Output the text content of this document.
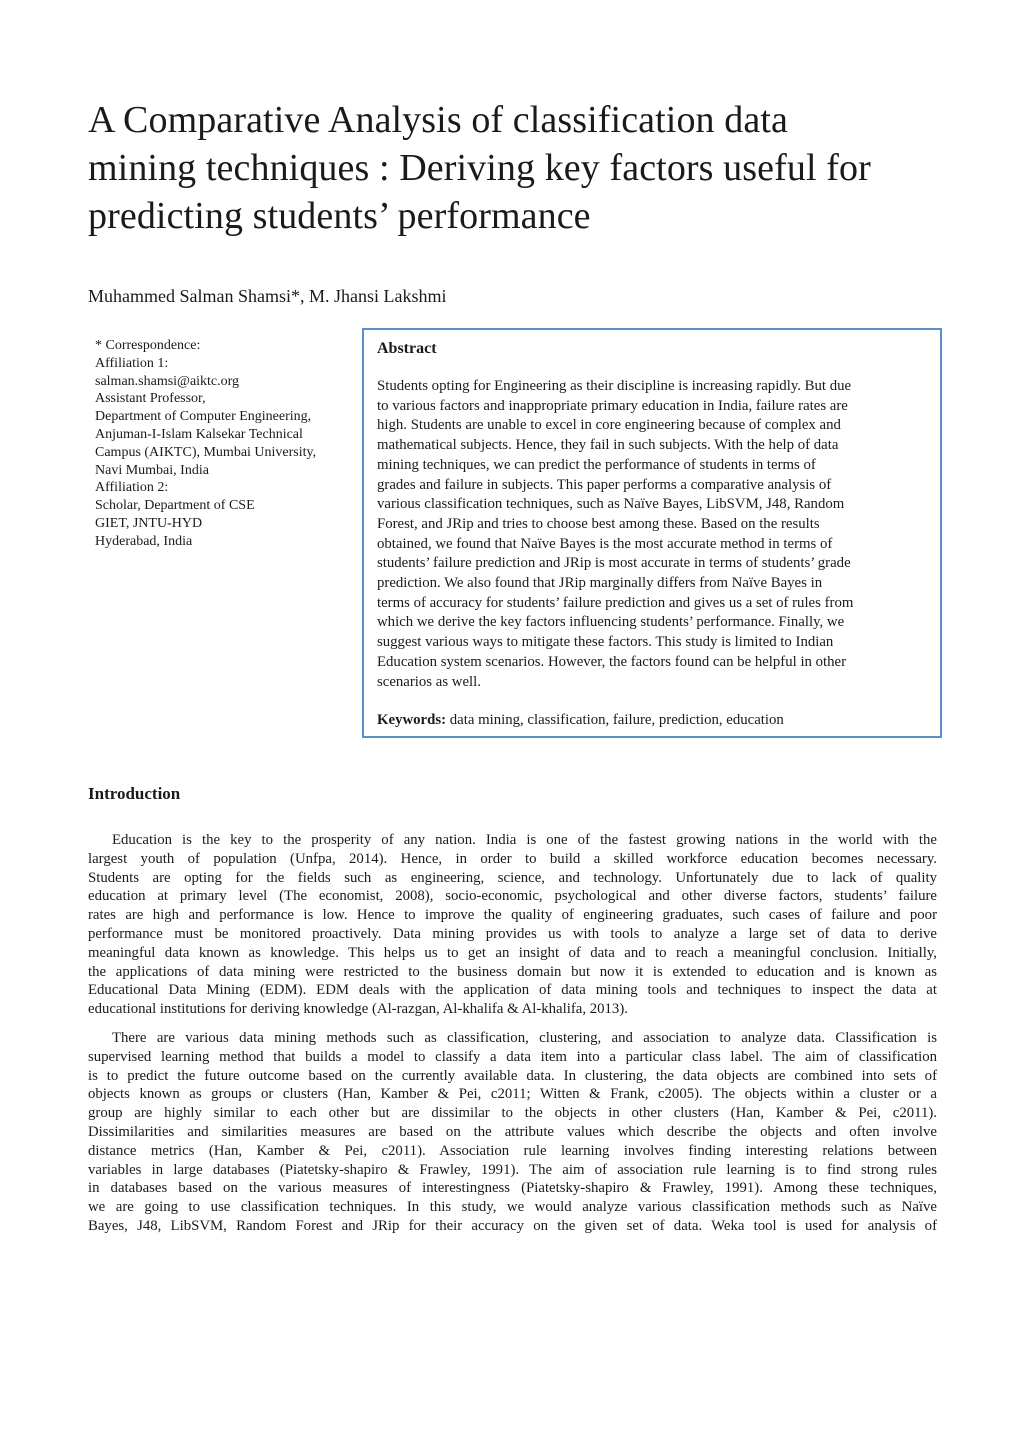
A Comparative Analysis of classification data
mining techniques : Deriving key factors useful for
predicting students’ performance

Muhammed Salman Shamsi*, M. Jhansi Lakshmi

* Correspondence:
Affiliation 1:
salman.shamsi@aiktc.org
Assistant Professor,
Department of Computer Engineering,
Anjuman-I-Islam Kalsekar Technical
Campus (AIKTC), Mumbai University,
Navi Mumbai, India
Affiliation 2:
Scholar, Department of CSE
GIET, JNTU-HYD
Hyderabad, India

Abstract

Students opting for Engineering as their discipline is increasing rapidly. But due
to various factors and inappropriate primary education in India, failure rates are
high. Students are unable to excel in core engineering because of complex and
mathematical subjects. Hence, they fail in such subjects. With the help of data
mining techniques, we can predict the performance of students in terms of
grades and failure in subjects. This paper performs a comparative analysis of
various classification techniques, such as Naïve Bayes, LibSVM, J48, Random
Forest, and JRip and tries to choose best among these. Based on the results
obtained, we found that Naïve Bayes is the most accurate method in terms of
students’ failure prediction and JRip is most accurate in terms of students’ grade
prediction. We also found that JRip marginally differs from Naïve Bayes in
terms of accuracy for students’ failure prediction and gives us a set of rules from
which we derive the key factors influencing students’ performance. Finally, we
suggest various ways to mitigate these factors. This study is limited to Indian
Education system scenarios. However, the factors found can be helpful in other
scenarios as well.

Keywords: data mining, classification, failure, prediction, education

Introduction

Education is the key to the prosperity of any nation. India is one of the fastest growing nations in the world with the
largest youth of population (Unfpa, 2014). Hence, in order to build a skilled workforce education becomes necessary.
Students are opting for the fields such as engineering, science, and technology. Unfortunately due to lack of quality
education at primary level (The economist, 2008), socio-economic, psychological and other diverse factors, students’ failure
rates are high and performance is low. Hence to improve the quality of engineering graduates, such cases of failure and poor
performance must be monitored proactively. Data mining provides us with tools to analyze a large set of data to derive
meaningful data known as knowledge. This helps us to get an insight of data and to reach a meaningful conclusion. Initially,
the applications of data mining were restricted to the business domain but now it is extended to education and is known as
Educational Data Mining (EDM). EDM deals with the application of data mining tools and techniques to inspect the data at
educational institutions for deriving knowledge (Al-razgan, Al-khalifa & Al-khalifa, 2013).

There are various data mining methods such as classification, clustering, and association to analyze data. Classification is
supervised learning method that builds a model to classify a data item into a particular class label. The aim of classification
is to predict the future outcome based on the currently available data. In clustering, the data objects are combined into sets of
objects known as groups or clusters (Han, Kamber & Pei, c2011; Witten & Frank, c2005). The objects within a cluster or a
group are highly similar to each other but are dissimilar to the objects in other clusters (Han, Kamber & Pei, c2011).
Dissimilarities and similarities measures are based on the attribute values which describe the objects and often involve
distance metrics (Han, Kamber & Pei, c2011). Association rule learning involves finding interesting relations between
variables in large databases (Piatetsky-shapiro & Frawley, 1991). The aim of association rule learning is to find strong rules
in databases based on the various measures of interestingness (Piatetsky-shapiro & Frawley, 1991). Among these techniques,
we are going to use classification techniques. In this study, we would analyze various classification methods such as Naïve
Bayes, J48, LibSVM, Random Forest and JRip for their accuracy on the given set of data. Weka tool is used for analysis of
